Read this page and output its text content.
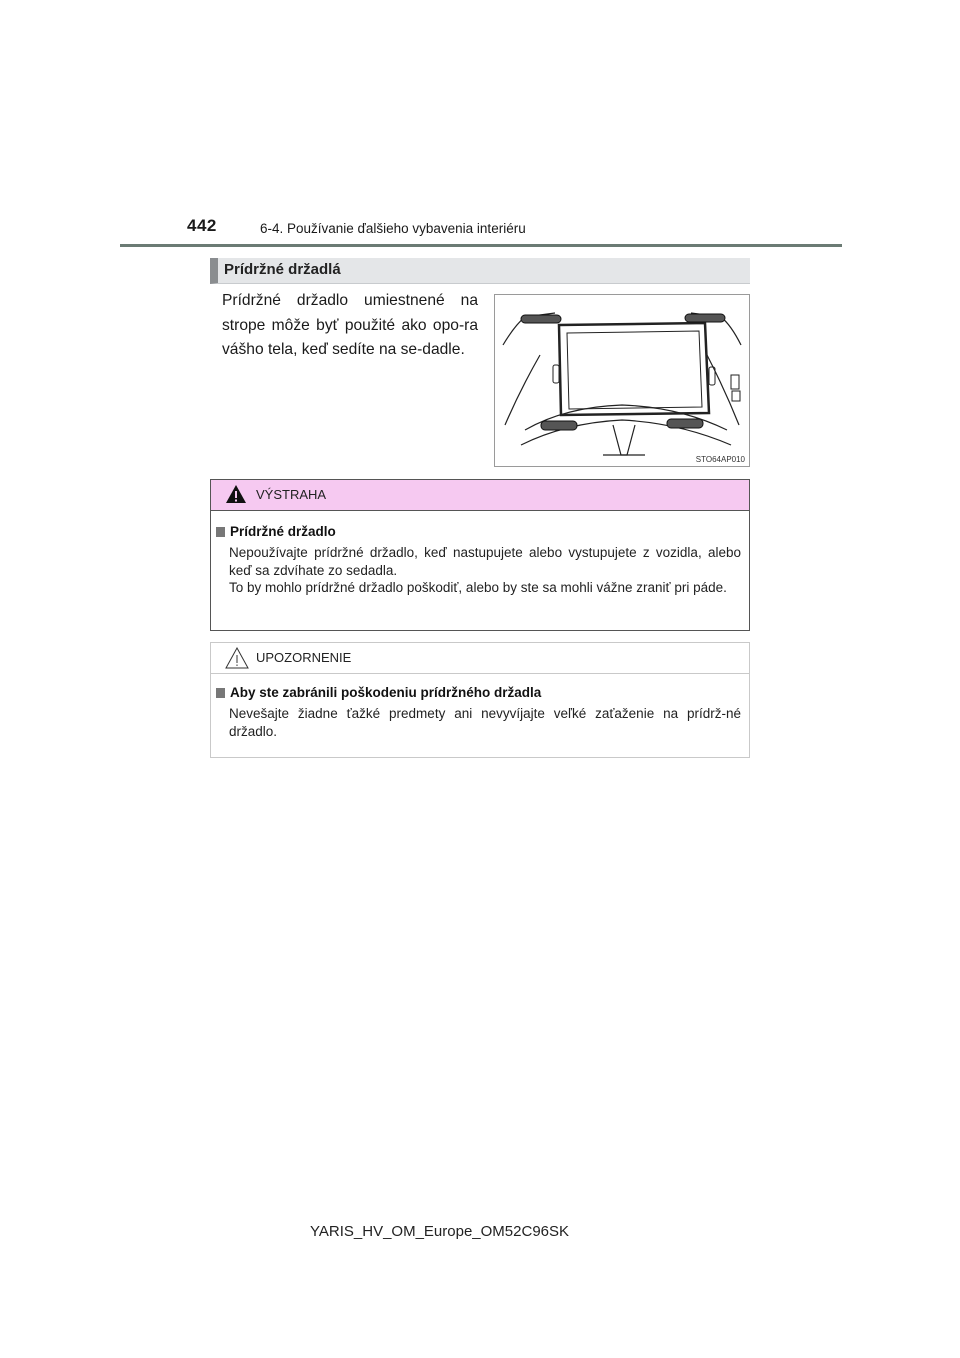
442	6-4. Používanie ďalšieho vybavenia interiéru
Prídržné držadlá
Prídržné držadlo umiestnené na strope môže byť použité ako opo-ra vášho tela, keď sedíte na se-dadle.
STO64AP010
VÝSTRAHA
Prídržné držadlo
Nepoužívajte prídržné držadlo, keď nastupujete alebo vystupujete z vozidla, alebo keď sa zdvíhate zo sedadla.
To by mohlo prídržné držadlo poškodiť, alebo by ste sa mohli vážne zraniť pri páde.
UPOZORNENIE
Aby ste zabránili poškodeniu prídržného držadla
Nevešajte žiadne ťažké predmety ani nevyvíjajte veľké zaťaženie na prídrž-né držadlo.
YARIS_HV_OM_Europe_OM52C96SK
